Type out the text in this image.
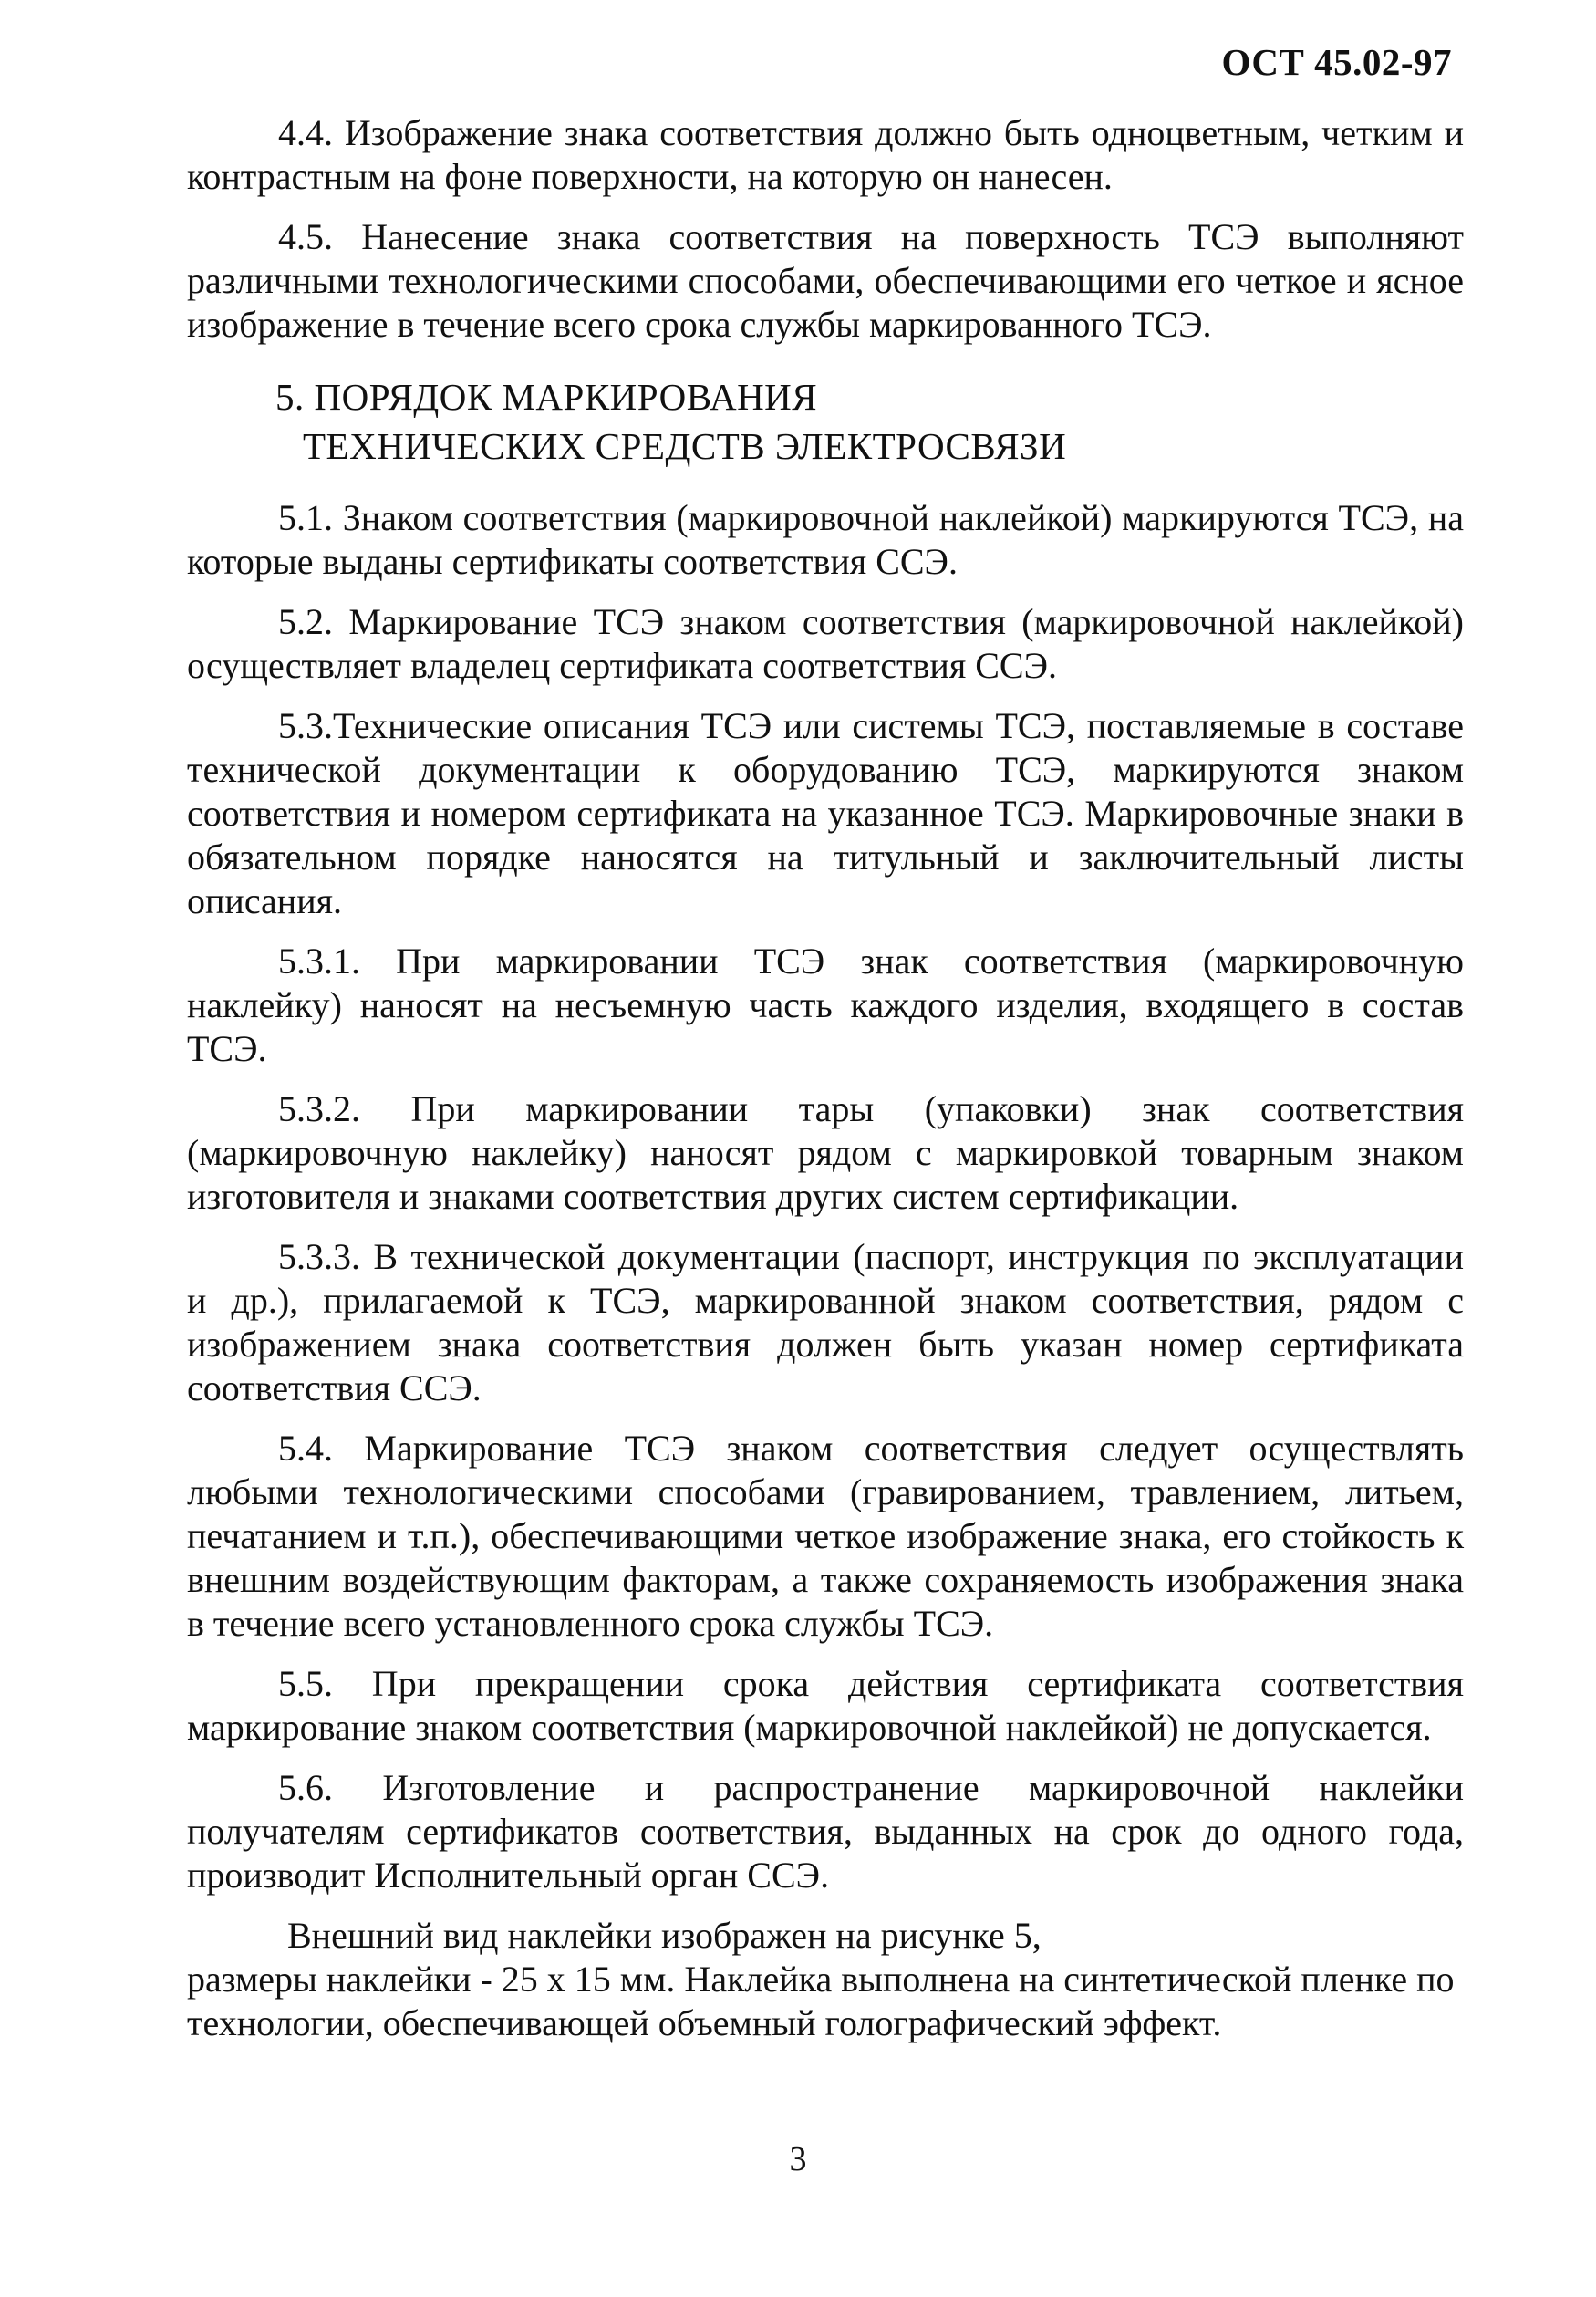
ОСТ 45.02-97

4.4. Изображение знака соответствия должно быть одноцветным, четким и контрастным на фоне поверхности, на которую он нанесен.

4.5. Нанесение знака соответствия на поверхность ТСЭ выполняют различными технологическими способами, обеспечивающими его четкое и ясное изображение в течение всего срока службы маркированного ТСЭ.

5. ПОРЯДОК МАРКИРОВАНИЯ
ТЕХНИЧЕСКИХ СРЕДСТВ ЭЛЕКТРОСВЯЗИ

5.1. Знаком соответствия (маркировочной наклейкой) маркируются ТСЭ, на которые выданы сертификаты соответствия ССЭ.

5.2. Маркирование ТСЭ знаком соответствия (маркировочной наклейкой) осуществляет владелец сертификата соответствия ССЭ.

5.3.Технические описания ТСЭ или системы ТСЭ, поставляемые в составе технической документации к оборудованию ТСЭ, маркируются знаком соответствия и номером сертификата на указанное ТСЭ. Маркировочные знаки в обязательном порядке наносятся на титульный и заключительный листы описания.

5.3.1. При маркировании ТСЭ знак соответствия (маркировочную наклейку) наносят на несъемную часть каждого изделия, входящего в состав ТСЭ.

5.3.2. При маркировании тары (упаковки) знак соответствия (маркировочную наклейку) наносят рядом с маркировкой товарным знаком изготовителя и знаками соответствия других систем сертификации.

5.3.3. В технической документации (паспорт, инструкция по эксплуатации и др.), прилагаемой к ТСЭ, маркированной знаком соответствия, рядом с изображением знака соответствия должен быть указан номер сертификата соответствия ССЭ.

5.4. Маркирование ТСЭ знаком соответствия следует осуществлять любыми технологическими способами (гравированием, травлением, литьем, печатанием и т.п.), обеспечивающими четкое изображение знака, его стойкость к внешним воздействующим факторам, а также сохраняемость изображения знака в течение всего установленного срока службы ТСЭ.

5.5. При прекращении срока действия сертификата соответствия маркирование знаком соответствия (маркировочной наклейкой) не допускается.

5.6. Изготовление и распространение маркировочной наклейки получателям сертификатов соответствия, выданных на срок до одного года, производит Исполнительный орган ССЭ.

Внешний вид наклейки изображен на рисунке 5,
размеры наклейки - 25 х 15 мм. Наклейка выполнена на синтетической пленке по технологии, обеспечивающей объемный голографический эффект.

3
